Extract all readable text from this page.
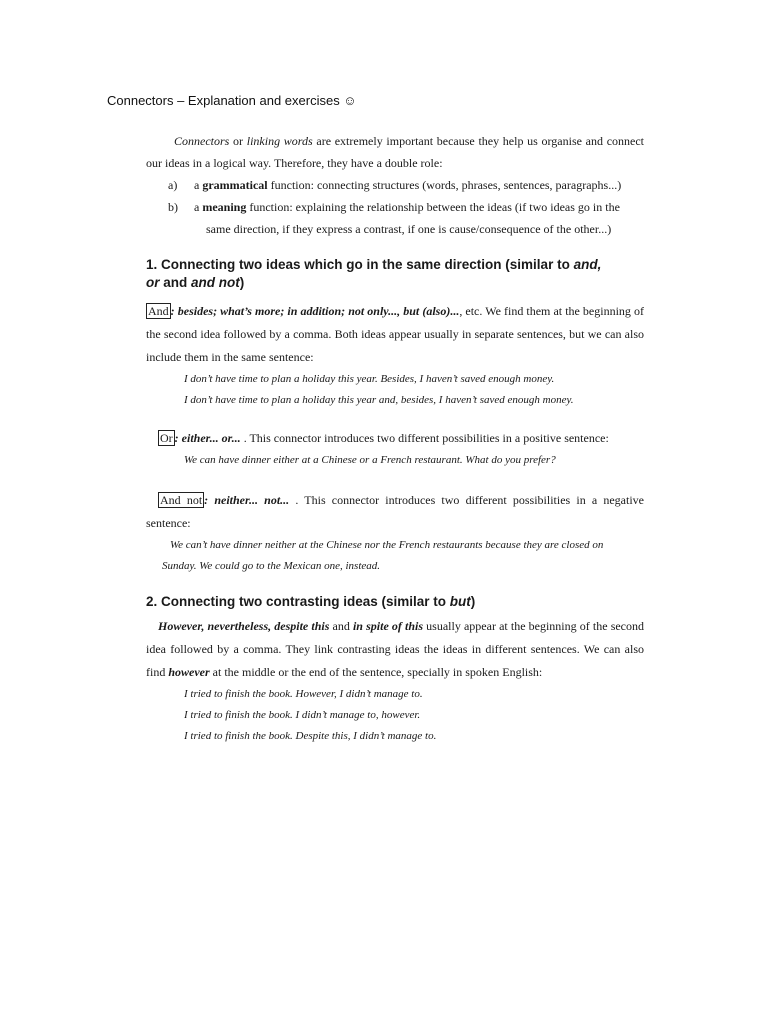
Connectors – Explanation and exercises ☺

Connectors or linking words are extremely important because they help us organise and connect our ideas in a logical way. Therefore, they have a double role:

a)	a grammatical function: connecting structures (words, phrases, sentences, paragraphs...)
b)	a meaning function: explaining the relationship between the ideas (if two ideas go in the
same direction, if they express a contrast, if one is cause/consequence of the other...)
1. Connecting two ideas which go in the same direction (similar to and,
or and and not)

And : besides; what’s more; in addition; not only..., but (also)..., etc. We find them at the beginning of the second idea followed by a comma. Both ideas appear usually in separate sentences, but we can also include them in the same sentence:

I don’t have time to plan a holiday this year. Besides, I haven’t saved enough money.
I don’t have time to plan a holiday this year and, besides, I haven’t saved enough money.

Or : either... or... . This connector introduces two different possibilities in a positive sentence:

We can have dinner either at a Chinese or a French restaurant. What do you prefer?

And not : neither... not... . This connector introduces two different possibilities in a negative sentence:

We can’t have dinner neither at the Chinese nor the French restaurants because they are closed on
Sunday. We could go to the Mexican one, instead.
2. Connecting two contrasting ideas (similar to but)

However, nevertheless, despite this and in spite of this usually appear at the beginning of the second idea followed by a comma. They link contrasting ideas the ideas in different sentences. We can also find however at the middle or the end of the sentence, specially in spoken English:

I tried to finish the book. However, I didn’t manage to.
I tried to finish the book. I didn’t manage to, however.
I tried to finish the book. Despite this, I didn’t manage to.
